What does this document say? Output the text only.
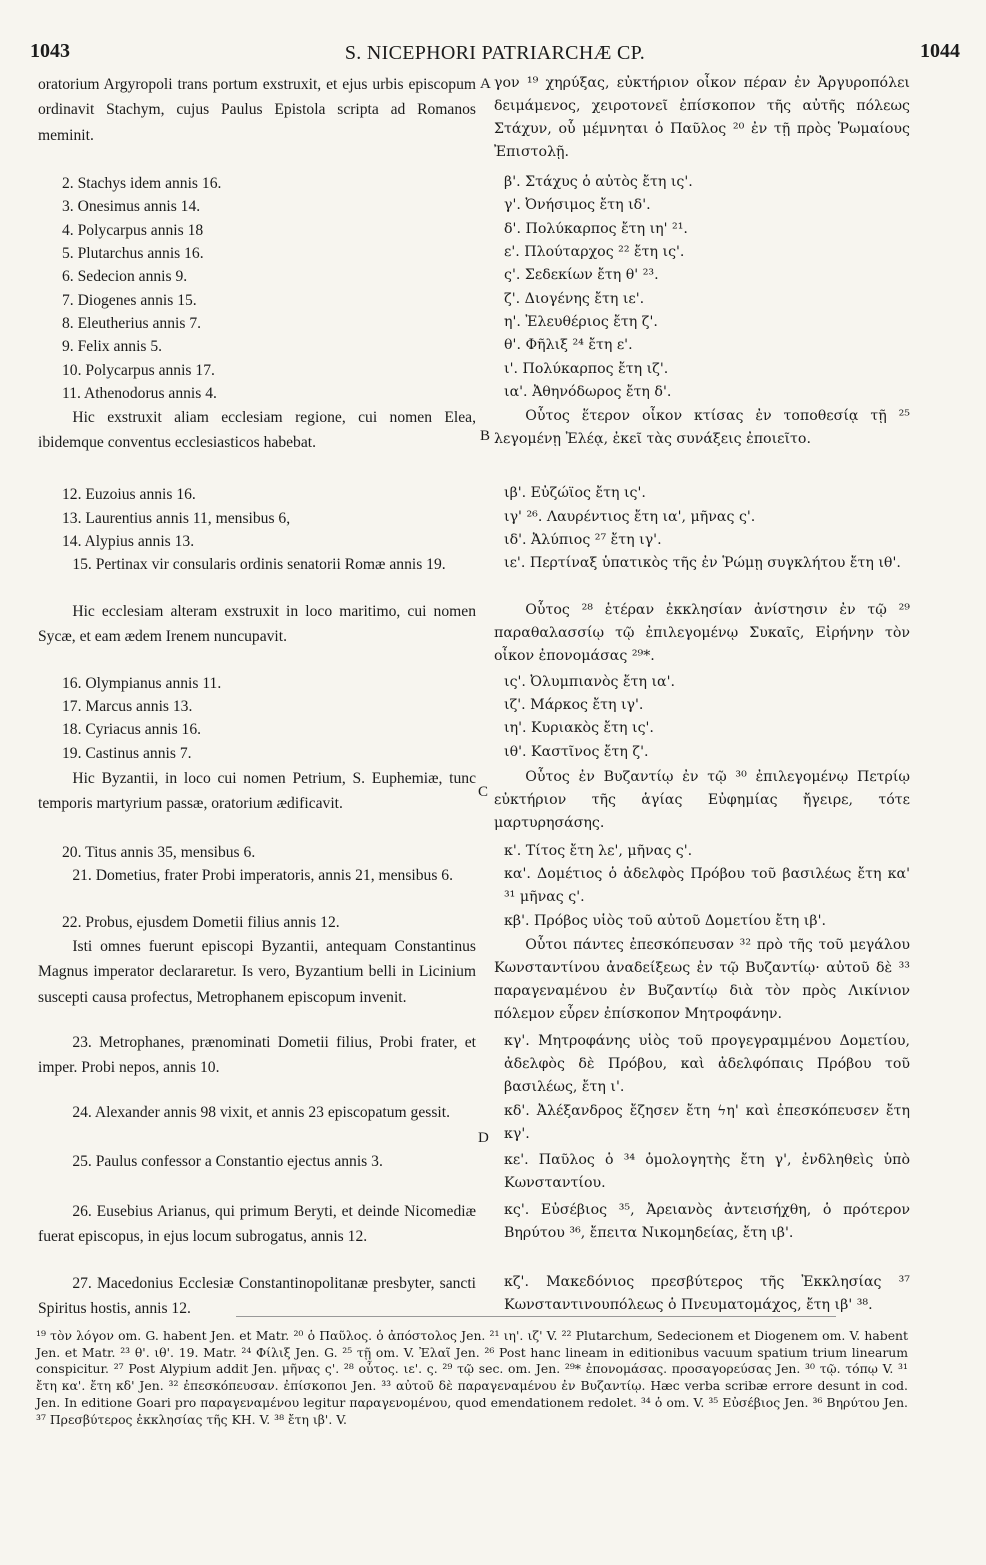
1043	S. NICEPHORI PATRIARCHÆ CP.	1044
oratorium Argyropoli trans portum exstruxit, et ejus urbis episcopum ordinavit Stachym, cujus Paulus Epistola scripta ad Romanos meminit.
2. Stachys idem annis 16.
3. Onesimus annis 14.
4. Polycarpus annis 18
5. Plutarchus annis 16.
6. Sedecion annis 9.
7. Diogenes annis 15.
8. Eleutherius annis 7.
9. Felix annis 5.
10. Polycarpus annis 17.
11. Athenodorus annis 4.
Hic exstruxit aliam ecclesiam regione, cui nomen Elea, ibidemque conventus ecclesiasticos habebat.
12. Euzoius annis 16.
13. Laurentius annis 11, mensibus 6,
14. Alypius annis 13.
15. Pertinax vir consularis ordinis senatorii Romæ annis 19.
Hic ecclesiam alteram exstruxit in loco maritimo, cui nomen Sycæ, et eam ædem Irenem nuncupavit.
16. Olympianus annis 11.
17. Marcus annis 13.
18. Cyriacus annis 16.
19. Castinus annis 7.
Hic Byzantii, in loco cui nomen Petrium, S. Euphemiæ, tunc temporis martyrium passæ, oratorium ædificavit.
20. Titus annis 35, mensibus 6.
21. Dometius, frater Probi imperatoris, annis 21, mensibus 6.
22. Probus, ejusdem Dometii filius annis 12.
Isti omnes fuerunt episcopi Byzantii, antequam Constantinus Magnus imperator declararetur. Is vero, Byzantium belli in Licinium suscepti causa profectus, Metrophanem episcopum invenit.
23. Metrophanes, prænominati Dometii filius, Probi frater, et imper. Probi nepos, annis 10.
24. Alexander annis 98 vixit, et annis 23 episcopatum gessit.
25. Paulus confessor a Constantio ejectus annis 3.
26. Eusebius Arianus, qui primum Beryti, et deinde Nicomediæ fuerat episcopus, in ejus locum subrogatus, annis 12.
27. Macedonius Ecclesiæ Constantinopolitanæ presbyter, sancti Spiritus hostis, annis 12.
A
B
C
D
γον ¹⁹ χηρύξας, εὐκτήριον οἶκον πέραν ἐν Ἀργυροπόλει δειμάμενος, χειροτονεῖ ἐπίσκοπον τῆς αὐτῆς πόλεως Στάχυν, οὗ μέμνηται ὁ Παῦλος ²⁰ ἐν τῇ πρὸς Ῥωμαίους Ἐπιστολῇ.
β'. Στάχυς ὁ αὐτὸς ἔτη ις'.
γ'. Ὀνήσιμος ἔτη ιδ'.
δ'. Πολύκαρπος ἔτη ιη' ²¹.
ε'. Πλούταρχος ²² ἔτη ις'.
ς'. Σεδεκίων ἔτη θ' ²³.
ζ'. Διογένης ἔτη ιε'.
η'. Ἐλευθέριος ἔτη ζ'.
θ'. Φῆλιξ ²⁴ ἔτη ε'.
ι'. Πολύκαρπος ἔτη ιζ'.
ια'. Ἀθηνόδωρος ἔτη δ'.
Οὗτος ἕτερον οἶκον κτίσας ἐν τοποθεσίᾳ τῇ ²⁵ λεγομένῃ Ἐλέᾳ, ἐκεῖ τὰς συνάξεις ἐποιεῖτο.
ιβ'. Εὐζώϊος ἔτη ις'.
ιγ' ²⁶. Λαυρέντιος ἔτη ια', μῆνας ς'.
ιδ'. Ἀλύπιος ²⁷ ἔτη ιγ'.
ιε'. Περτίναξ ὑπατικὸς τῆς ἐν Ῥώμῃ συγκλήτου ἔτη ιθ'.
Οὗτος ²⁸ ἑτέραν ἐκκλησίαν ἀνίστησιν ἐν τῷ ²⁹ παραθαλασσίῳ τῷ ἐπιλεγομένῳ Συκαῖς, Εἰρήνην τὸν οἶκον ἐπονομάσας ²⁹*.
ις'. Ὀλυμπιανὸς ἔτη ια'.
ιζ'. Μάρκος ἔτη ιγ'.
ιη'. Κυριακὸς ἔτη ις'.
ιθ'. Καστῖνος ἔτη ζ'.
Οὗτος ἐν Βυζαντίῳ ἐν τῷ ³⁰ ἐπιλεγομένῳ Πετρίῳ εὐκτήριον τῆς ἁγίας Εὐφημίας ἤγειρε, τότε μαρτυρησάσης.
κ'. Τίτος ἔτη λε', μῆνας ς'.
κα'. Δομέτιος ὁ ἀδελφὸς Πρόβου τοῦ βασιλέως ἔτη κα' ³¹ μῆνας ς'.
κβ'. Πρόβος υἱὸς τοῦ αὐτοῦ Δομετίου ἔτη ιβ'.
Οὗτοι πάντες ἐπεσκόπευσαν ³² πρὸ τῆς τοῦ μεγάλου Κωνσταντίνου ἀναδείξεως ἐν τῷ Βυζαντίῳ· αὐτοῦ δὲ ³³ παραγεναμένου ἐν Βυζαντίῳ διὰ τὸν πρὸς Λικίνιον πόλεμον εὗρεν ἐπίσκοπον Μητροφάνην.
κγ'. Μητροφάνης υἱὸς τοῦ προγεγραμμένου Δομετίου, ἀδελφὸς δὲ Πρόβου, καὶ ἀδελφόπαις Πρόβου τοῦ βασιλέως, ἔτη ι'.
κδ'. Ἀλέξανδρος ἔζησεν ἔτη ϟη' καὶ ἐπεσκόπευσεν ἔτη κγ'.
κε'. Παῦλος ὁ ³⁴ ὁμολογητὴς ἔτη γ', ἐνδληθεὶς ὑπὸ Κωνσταντίου.
κς'. Εὐσέβιος ³⁵, Ἀρειανὸς ἀντεισήχθη, ὁ πρότερον Βηρύτου ³⁶, ἔπειτα Νικομηδείας, ἔτη ιβ'.
κζ'. Μακεδόνιος πρεσβύτερος τῆς Ἐκκλησίας ³⁷ Κωνσταντινουπόλεως ὁ Πνευματομάχος, ἔτη ιβ' ³⁸.
¹⁹ τὸν λόγον om. G. habent Jen. et Matr. ²⁰ ὁ Παῦλος. ὁ ἀπόστολος Jen. ²¹ ιη'. ιζ' V. ²² Plutarchum, Sedecionem et Diogenem om. V. habent Jen. et Matr. ²³ θ'. ιθ'. 19. Matr. ²⁴ Φίλιξ Jen. G. ²⁵ τῇ om. V. Ἐλαῖ Jen. ²⁶ Post hanc lineam in editionibus vacuum spatium trium linearum conspicitur. ²⁷ Post Alypium addit Jen. μῆνας ς'. ²⁸ οὗτος. ιε'. ς. ²⁹ τῷ sec. om. Jen. ²⁹* ἐπονομάσας. προσαγορεύσας Jen. ³⁰ τῷ. τόπῳ V. ³¹ ἔτη κα'. ἔτη κδ' Jen. ³² ἐπεσκόπευσαν. ἐπίσκοποι Jen. ³³ αὐτοῦ δὲ παραγεναμένου ἐν Βυζαντίῳ. Hæc verba scribæ errore desunt in cod. Jen. In editione Goari pro παραγεναμένου legitur παραγενομένου, quod emendationem redolet. ³⁴ ὁ om. V. ³⁵ Εὐσέβιος Jen. ³⁶ Βηρύτου Jen. ³⁷ Πρεσβύτερος ἐκκλησίας τῆς ΚΗ. V. ³⁸ ἔτη ιβ'. V.
